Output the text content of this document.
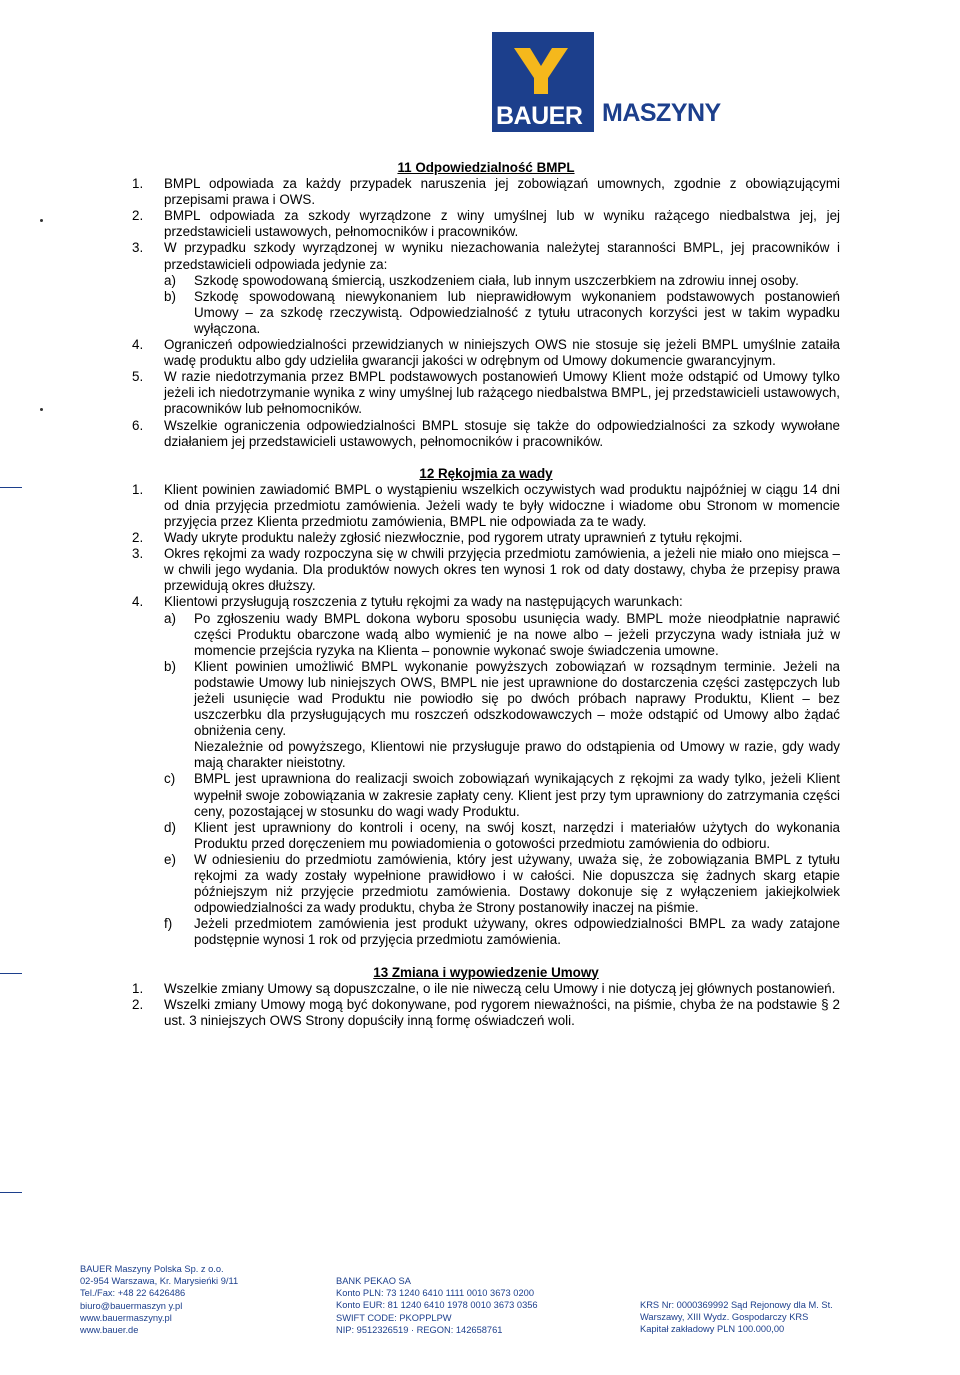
BAUER MASZYNY
11 Odpowiedzialność BMPL
1. BMPL odpowiada za każdy przypadek naruszenia jej zobowiązań umownych, zgodnie z obowiązującymi przepisami prawa i OWS.
2. BMPL odpowiada za szkody wyrządzone z winy umyślnej lub w wyniku rażącego niedbalstwa jej, jej przedstawicieli ustawowych, pełnomocników i pracowników.
3. W przypadku szkody wyrządzonej w wyniku niezachowania należytej staranności BMPL, jej pracowników i przedstawicieli odpowiada jedynie za:
a) Szkodę spowodowaną śmiercią, uszkodzeniem ciała, lub innym uszczerbkiem na zdrowiu innej osoby.
b) Szkodę spowodowaną niewykonaniem lub nieprawidłowym wykonaniem podstawowych postanowień Umowy – za szkodę rzeczywistą. Odpowiedzialność z tytułu utraconych korzyści jest w takim wypadku wyłączona.
4. Ograniczeń odpowiedzialności przewidzianych w niniejszych OWS nie stosuje się jeżeli BMPL umyślnie zataiła wadę produktu albo gdy udzieliła gwarancji jakości w odrębnym od Umowy dokumencie gwarancyjnym.
5. W razie niedotrzymania przez BMPL podstawowych postanowień Umowy Klient może odstąpić od Umowy tylko jeżeli ich niedotrzymanie wynika z winy umyślnej lub rażącego niedbalstwa BMPL, jej przedstawicieli ustawowych, pracowników lub pełnomocników.
6. Wszelkie ograniczenia odpowiedzialności BMPL stosuje się także do odpowiedzialności za szkody wywołane działaniem jej przedstawicieli ustawowych, pełnomocników i pracowników.
12 Rękojmia za wady
1. Klient powinien zawiadomić BMPL o wystąpieniu wszelkich oczywistych wad produktu najpóźniej w ciągu 14 dni od dnia przyjęcia przedmiotu zamówienia. Jeżeli wady te były widoczne i wiadome obu Stronom w momencie przyjęcia przez Klienta przedmiotu zamówienia, BMPL nie odpowiada za te wady.
2. Wady ukryte produktu należy zgłosić niezwłocznie, pod rygorem utraty uprawnień z tytułu rękojmi.
3. Okres rękojmi za wady rozpoczyna się w chwili przyjęcia przedmiotu zamówienia, a jeżeli nie miało ono miejsca – w chwili jego wydania. Dla produktów nowych okres ten wynosi 1 rok od daty dostawy, chyba że przepisy prawa przewidują okres dłuższy.
4. Klientowi przysługują roszczenia z tytułu rękojmi za wady na następujących warunkach:
a) Po zgłoszeniu wady BMPL dokona wyboru sposobu usunięcia wady. BMPL może nieodpłatnie naprawić części Produktu obarczone wadą albo wymienić je na nowe albo – jeżeli przyczyna wady istniała już w momencie przejścia ryzyka na Klienta – ponownie wykonać swoje świadczenia umowne.
b) Klient powinien umożliwić BMPL wykonanie powyższych zobowiązań w rozsądnym terminie. Jeżeli na podstawie Umowy lub niniejszych OWS, BMPL nie jest uprawnione do dostarczenia części zastępczych lub jeżeli usunięcie wad Produktu nie powiodło się po dwóch próbach naprawy Produktu, Klient – bez uszczerbku dla przysługujących mu roszczeń odszkodowawczych – może odstąpić od Umowy albo żądać obniżenia ceny.
Niezależnie od powyższego, Klientowi nie przysługuje prawo do odstąpienia od Umowy w razie, gdy wady mają charakter nieistotny.
c) BMPL jest uprawniona do realizacji swoich zobowiązań wynikających z rękojmi za wady tylko, jeżeli Klient wypełnił swoje zobowiązania w zakresie zapłaty ceny. Klient jest przy tym uprawniony do zatrzymania części ceny, pozostającej w stosunku do wagi wady Produktu.
d) Klient jest uprawniony do kontroli i oceny, na swój koszt, narzędzi i materiałów użytych do wykonania Produktu przed doręczeniem mu powiadomienia o gotowości przedmiotu zamówienia do odbioru.
e) W odniesieniu do przedmiotu zamówienia, który jest używany, uważa się, że zobowiązania BMPL z tytułu rękojmi za wady zostały wypełnione prawidłowo i w całości. Nie dopuszcza się żadnych skarg etapie późniejszym niż przyjęcie przedmiotu zamówienia. Dostawy dokonuje się z wyłączeniem jakiejkolwiek odpowiedzialności za wady produktu, chyba że Strony postanowiły inaczej na piśmie.
f) Jeżeli przedmiotem zamówienia jest produkt używany, okres odpowiedzialności BMPL za wady zatajone podstępnie wynosi 1 rok od przyjęcia przedmiotu zamówienia.
13 Zmiana i wypowiedzenie Umowy
1. Wszelkie zmiany Umowy są dopuszczalne, o ile nie niweczą celu Umowy i nie dotyczą jej głównych postanowień.
2. Wszelki zmiany Umowy mogą być dokonywane, pod rygorem nieważności, na piśmie, chyba że na podstawie § 2 ust. 3 niniejszych OWS Strony dopuściły inną formę oświadczeń woli.
BAUER Maszyny Polska Sp. z o.o.
02-954 Warszawa, Kr. Marysieńki 9/11
Tel./Fax: +48 22 6426486
biuro@bauermaszyn y.pl
www.bauermaszyny.pl
www.bauer.de
BANK PEKAO SA
Konto PLN: 73 1240 6410 1111 0010 3673 0200
Konto EUR: 81 1240 6410 1978 0010 3673 0356
SWIFT CODE: PKOPPLPW
NIP: 9512326519 · REGON: 142658761
KRS Nr: 0000369992 Sąd Rejonowy dla M. St.
Warszawy, XIII Wydz. Gospodarczy KRS
Kapitał zakładowy PLN 100.000,00
